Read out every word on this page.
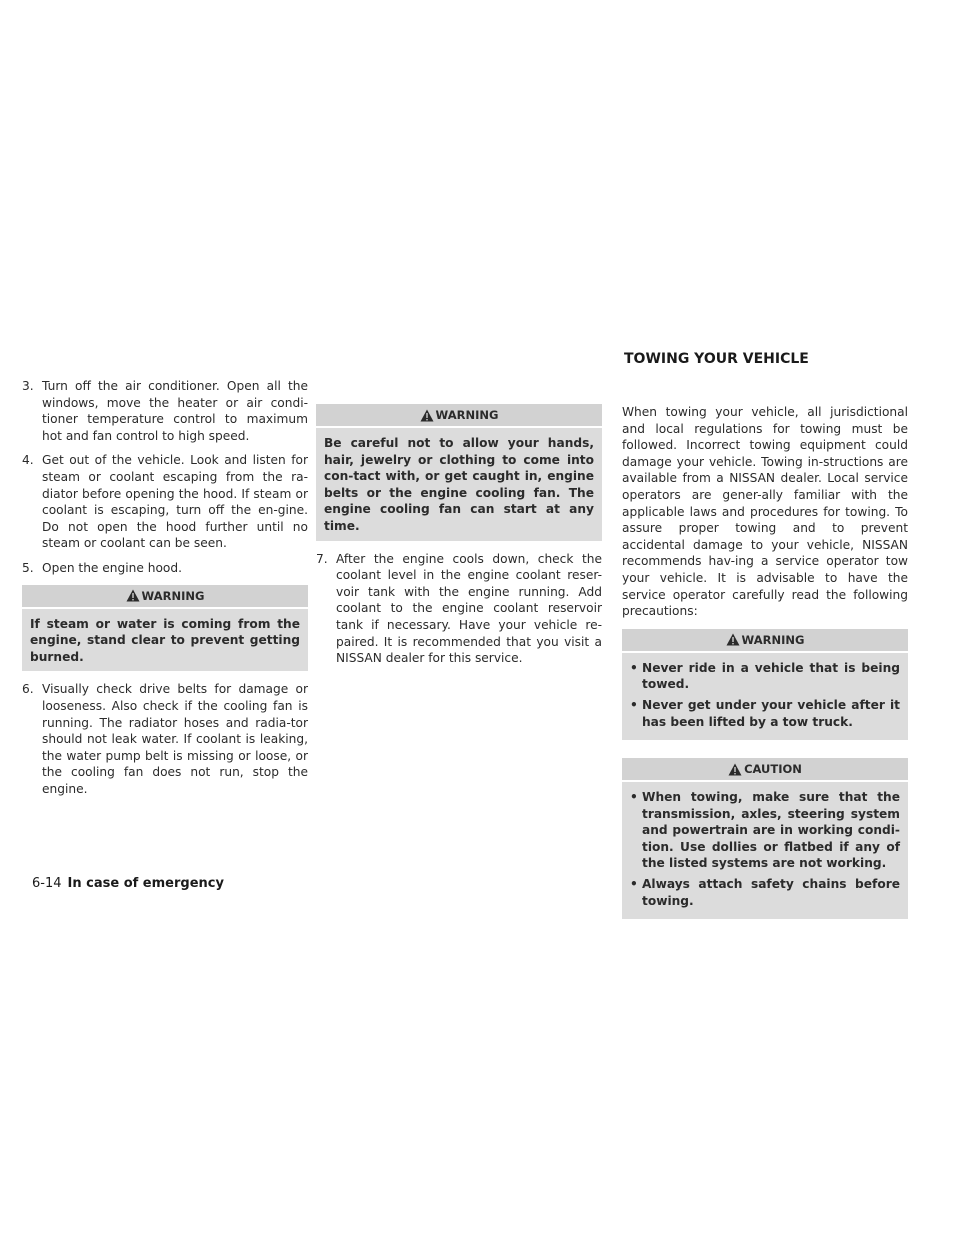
TOWING YOUR VEHICLE
3. Turn off the air conditioner. Open all the windows, move the heater or air condi-tioner temperature control to maximum hot and fan control to high speed.
4. Get out of the vehicle. Look and listen for steam or coolant escaping from the ra-diator before opening the hood. If steam or coolant is escaping, turn off the en-gine. Do not open the hood further until no steam or coolant can be seen.
5. Open the engine hood.
WARNING
If steam or water is coming from the engine, stand clear to prevent getting burned.
6. Visually check drive belts for damage or looseness. Also check if the cooling fan is running. The radiator hoses and radia-tor should not leak water. If coolant is leaking, the water pump belt is missing or loose, or the cooling fan does not run, stop the engine.
WARNING
Be careful not to allow your hands, hair, jewelry or clothing to come into con-tact with, or get caught in, engine belts or the engine cooling fan. The engine cooling fan can start at any time.
7. After the engine cools down, check the coolant level in the engine coolant reser-voir tank with the engine running. Add coolant to the engine coolant reservoir tank if necessary. Have your vehicle re-paired. It is recommended that you visit a NISSAN dealer for this service.

When towing your vehicle, all jurisdictional and local regulations for towing must be followed. Incorrect towing equipment could damage your vehicle. Towing in-structions are available from a NISSAN dealer. Local service operators are gener-ally familiar with the applicable laws and procedures for towing. To assure proper towing and to prevent accidental damage to your vehicle, NISSAN recommends hav-ing a service operator tow your vehicle. It is advisable to have the service operator carefully read the following precautions:

WARNING
• Never ride in a vehicle that is being towed.
• Never get under your vehicle after it has been lifted by a tow truck.
CAUTION
• When towing, make sure that the transmission, axles, steering system and powertrain are in working condi-tion. Use dollies or flatbed if any of the listed systems are not working.
• Always attach safety chains before towing.
6-14 In case of emergency
